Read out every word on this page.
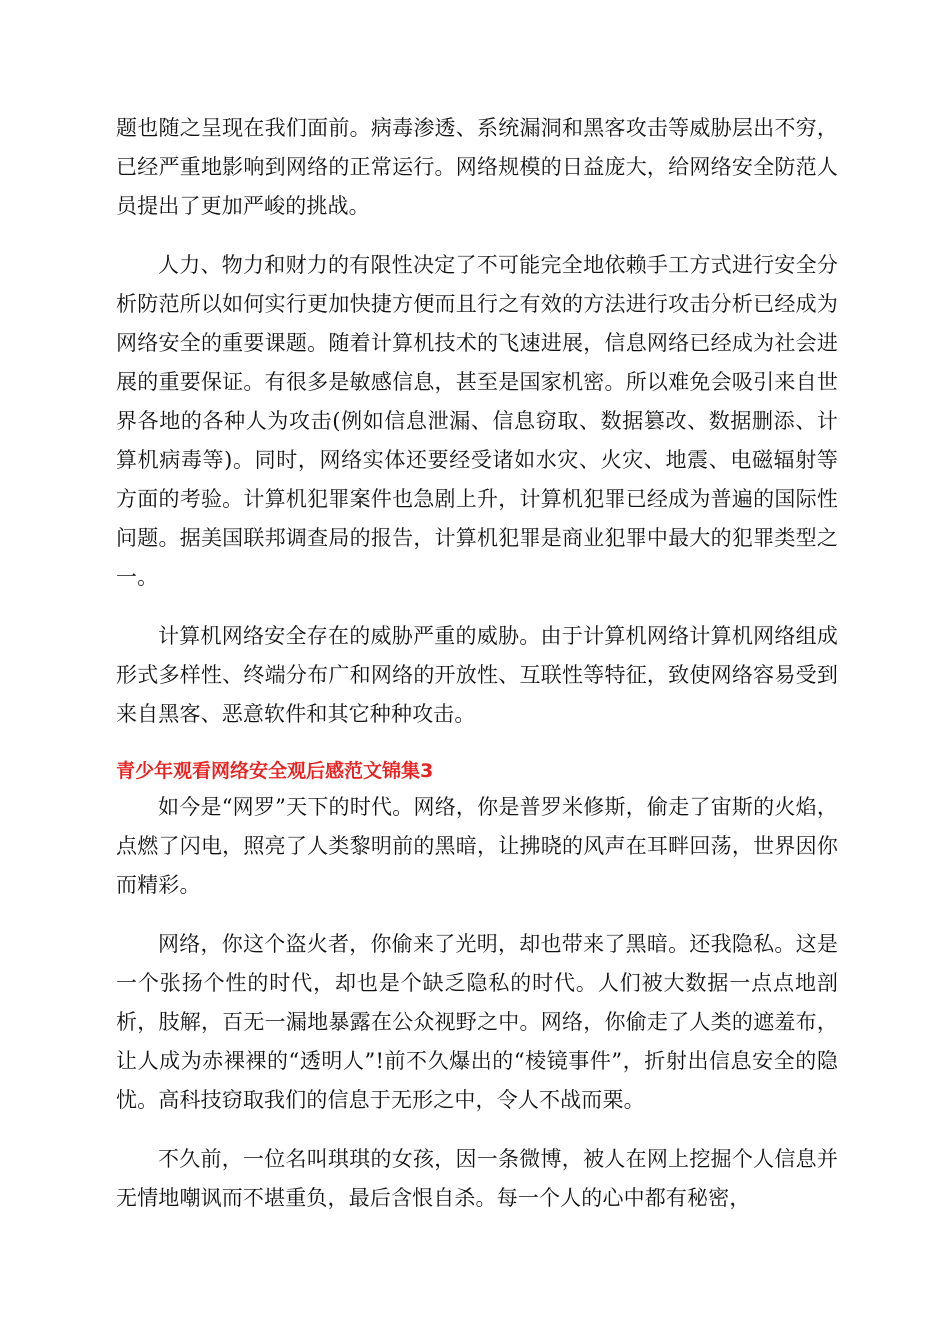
题也随之呈现在我们面前。病毒渗透、系统漏洞和黑客攻击等威胁层出不穷，已经严重地影响到网络的正常运行。网络规模的日益庞大，给网络安全防范人员提出了更加严峻的挑战。

人力、物力和财力的有限性决定了不可能完全地依赖手工方式进行安全分析防范所以如何实行更加快捷方便而且行之有效的方法进行攻击分析已经成为网络安全的重要课题。随着计算机技术的飞速进展，信息网络已经成为社会进展的重要保证。有很多是敏感信息，甚至是国家机密。所以难免会吸引来自世界各地的各种人为攻击(例如信息泄漏、信息窃取、数据篡改、数据删添、计算机病毒等)。同时，网络实体还要经受诸如水灾、火灾、地震、电磁辐射等方面的考验。计算机犯罪案件也急剧上升，计算机犯罪已经成为普遍的国际性问题。据美国联邦调查局的报告，计算机犯罪是商业犯罪中最大的犯罪类型之一。

计算机网络安全存在的威胁严重的威胁。由于计算机网络计算机网络组成形式多样性、终端分布广和网络的开放性、互联性等特征，致使网络容易受到来自黑客、恶意软件和其它种种攻击。

青少年观看网络安全观后感范文锦集3

如今是“网罗”天下的时代。网络，你是普罗米修斯，偷走了宙斯的火焰，点燃了闪电，照亮了人类黎明前的黑暗，让拂晓的风声在耳畔回荡，世界因你而精彩。

网络，你这个盗火者，你偷来了光明，却也带来了黑暗。还我隐私。这是一个张扬个性的时代，却也是个缺乏隐私的时代。人们被大数据一点点地剖析，肢解，百无一漏地暴露在公众视野之中。网络，你偷走了人类的遮羞布，让人成为赤裸裸的“透明人”!前不久爆出的“棱镜事件”，折射出信息安全的隐忧。高科技窃取我们的信息于无形之中，令人不战而栗。

不久前，一位名叫琪琪的女孩，因一条微博，被人在网上挖掘个人信息并无情地嘲讽而不堪重负，最后含恨自杀。每一个人的心中都有秘密，
